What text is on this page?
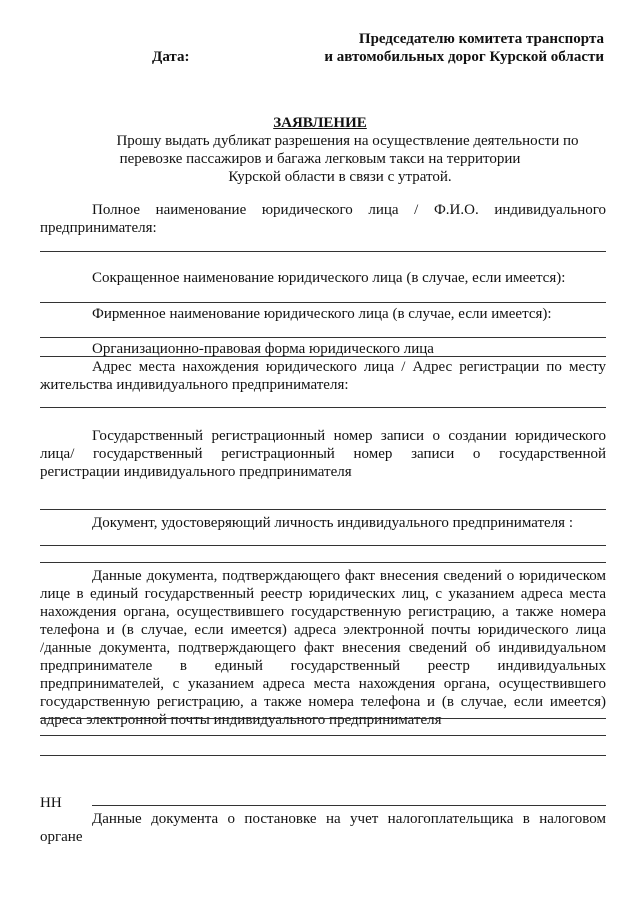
Дата:
Председателю комитета транспорта
и автомобильных дорог Курской области
ЗАЯВЛЕНИЕ
Прошу выдать дубликат разрешения на осуществление деятельности по
перевозке пассажиров и багажа легковым такси на территории
Курской области в связи с утратой.
Полное наименование юридического лица / Ф.И.О. индивидуального
предпринимателя:
Сокращенное наименование юридического лица (в случае, если имеется):
Фирменное наименование юридического лица (в случае, если имеется):
Организационно-правовая форма юридического лица
Адрес места нахождения юридического лица / Адрес регистрации по месту
жительства индивидуального предпринимателя:
Государственный регистрационный номер записи о создании юридического
лица/ государственный регистрационный номер записи о государственной
регистрации индивидуального предпринимателя
Документ, удостоверяющий личность индивидуального предпринимателя :
Данные документа, подтверждающего факт внесения сведений о юридическом
лице в единый государственный реестр юридических лиц, с указанием адреса места
нахождения органа, осуществившего государственную регистрацию, а также номера
телефона и (в случае, если имеется) адреса электронной почты юридического лица
/данные документа, подтверждающего факт внесения сведений об индивидуальном
предпринимателе в единый государственный реестр индивидуальных
предпринимателей, с указанием адреса места нахождения органа, осуществившего
государственную регистрацию, а также номера телефона и (в случае, если имеется)
адреса электронной почты индивидуального предпринимателя
НН
Данные документа о постановке на учет налогоплательщика в налоговом
органе
